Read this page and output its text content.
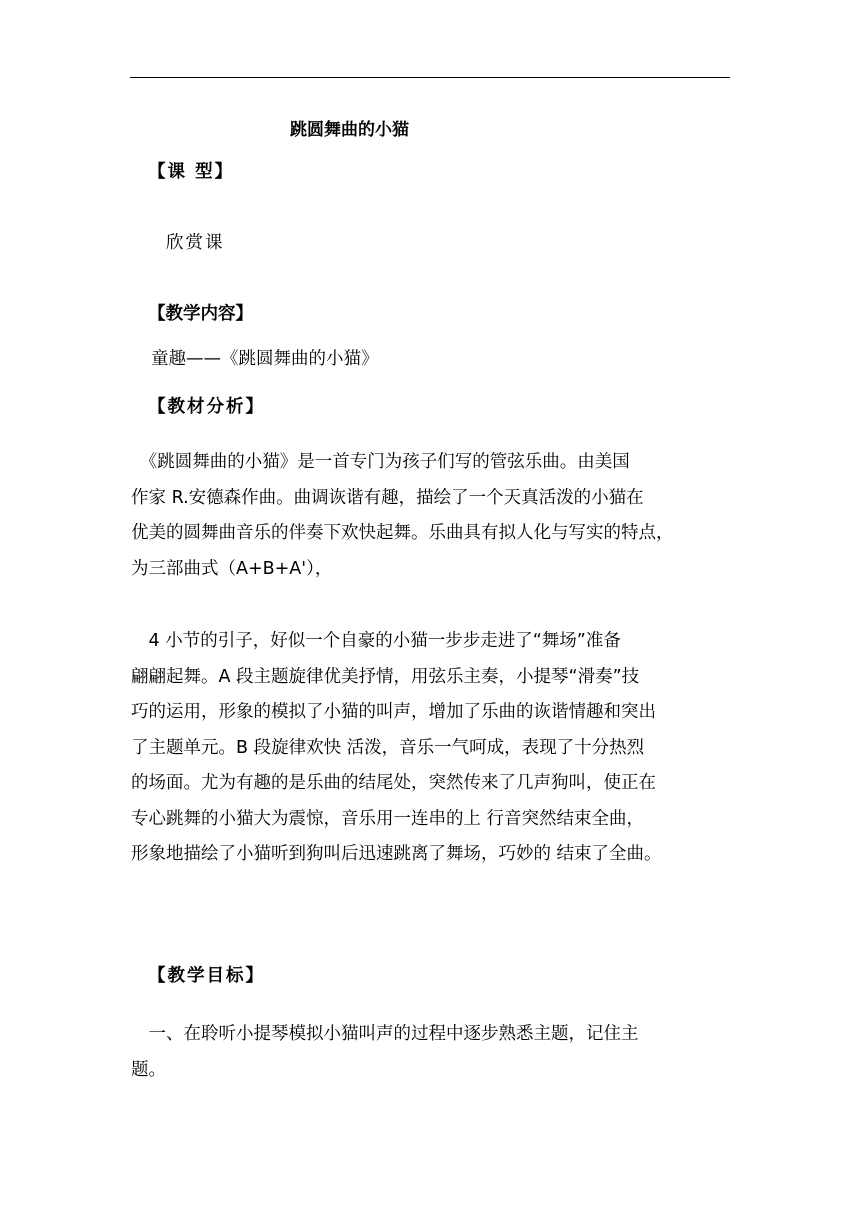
跳圆舞曲的小猫
【课 型】
欣赏课
【教学内容】
童趣——《跳圆舞曲的小猫》
【教材分析】
　《跳圆舞曲的小猫》是一首专门为孩子们写的管弦乐曲。由美国
作家 R.安德森作曲。曲调诙谐有趣，描绘了一个天真活泼的小猫在
优美的圆舞曲音乐的伴奏下欢快起舞。乐曲具有拟人化与写实的特点，
为三部曲式（A+B+A'），
　4 小节的引子，好似一个自豪的小猫一步步走进了“舞场”准备
翩翩起舞。A 段主题旋律优美抒情，用弦乐主奏，小提琴“滑奏”技
巧的运用，形象的模拟了小猫的叫声，增加了乐曲的诙谐情趣和突出
了主题单元。B 段旋律欢快 活泼，音乐一气呵成，表现了十分热烈
的场面。尤为有趣的是乐曲的结尾处，突然传来了几声狗叫，使正在
专心跳舞的小猫大为震惊，音乐用一连串的上 行音突然结束全曲，
形象地描绘了小猫听到狗叫后迅速跳离了舞场，巧妙的 结束了全曲。
【教学目标】
　一、在聆听小提琴模拟小猫叫声的过程中逐步熟悉主题，记住主
题。
